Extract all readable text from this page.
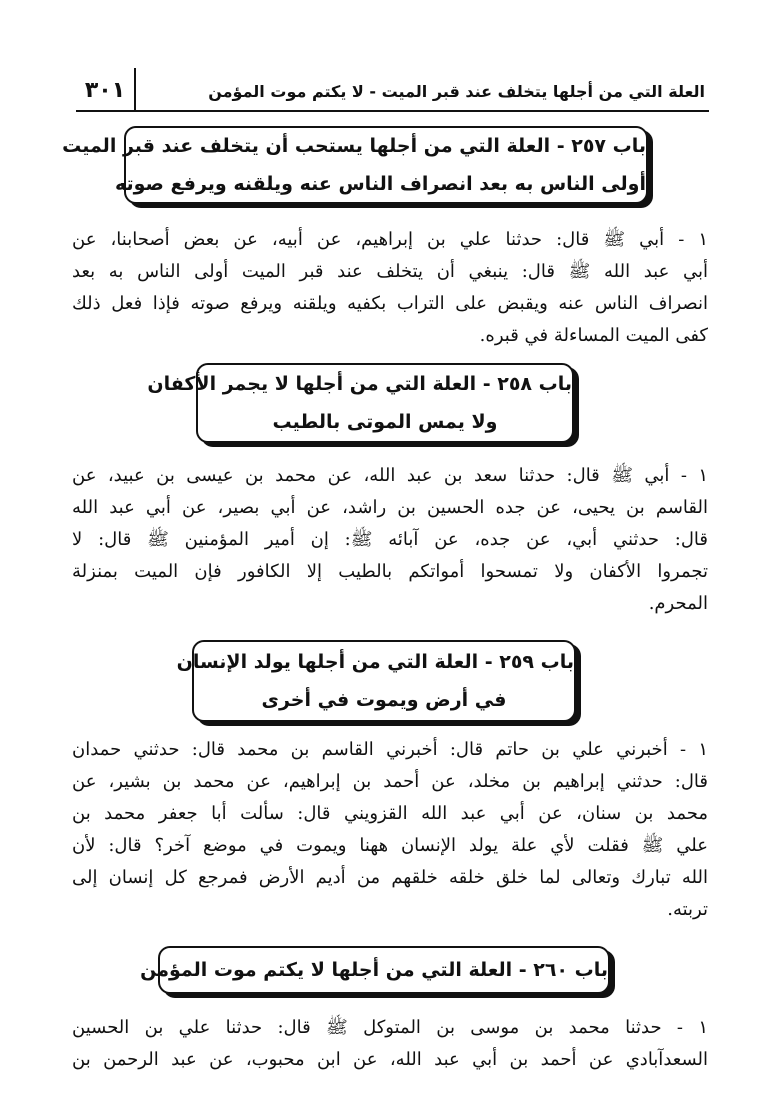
٣٠١	العلة التي من أجلها يتخلف عند قبر الميت - لا يكتم موت المؤمن
باب ٢٥٧ - العلة التي من أجلها يستحب أن يتخلف عند قبر الميت
أولى الناس به بعد انصراف الناس عنه ويلقنه ويرفع صوته
١ - أبي ﷺ قال: حدثنا علي بن إبراهيم، عن أبيه، عن بعض أصحابنا، عن
أبي عبد الله ﷺ قال: ينبغي أن يتخلف عند قبر الميت أولى الناس به بعد
انصراف الناس عنه ويقبض على التراب بكفيه ويلقنه ويرفع صوته فإذا فعل ذلك
كفى الميت المساءلة في قبره.
باب ٢٥٨ - العلة التي من أجلها لا يجمر الأكفان
ولا يمس الموتى بالطيب
١ - أبي ﷺ قال: حدثنا سعد بن عبد الله، عن محمد بن عيسى بن عبيد، عن
القاسم بن يحيى، عن جده الحسين بن راشد، عن أبي بصير، عن أبي عبد الله
قال: حدثني أبي، عن جده، عن آبائه ﷺ: إن أمير المؤمنين ﷺ قال: لا
تجمروا الأكفان ولا تمسحوا أمواتكم بالطيب إلا الكافور فإن الميت بمنزلة
المحرم.
باب ٢٥٩ - العلة التي من أجلها يولد الإنسان
في أرض ويموت في أخرى
١ - أخبرني علي بن حاتم قال: أخبرني القاسم بن محمد قال: حدثني حمدان
قال: حدثني إبراهيم بن مخلد، عن أحمد بن إبراهيم، عن محمد بن بشير، عن
محمد بن سنان، عن أبي عبد الله القزويني قال: سألت أبا جعفر محمد بن
علي ﷺ فقلت لأي علة يولد الإنسان ههنا ويموت في موضع آخر؟ قال: لأن
الله تبارك وتعالى لما خلق خلقه خلقهم من أديم الأرض فمرجع كل إنسان إلى
تربته.
باب ٢٦٠ - العلة التي من أجلها لا يكتم موت المؤمن
١ - حدثنا محمد بن موسى بن المتوكل ﷺ قال: حدثنا علي بن الحسين
السعدآبادي عن أحمد بن أبي عبد الله، عن ابن محبوب، عن عبد الرحمن بن
